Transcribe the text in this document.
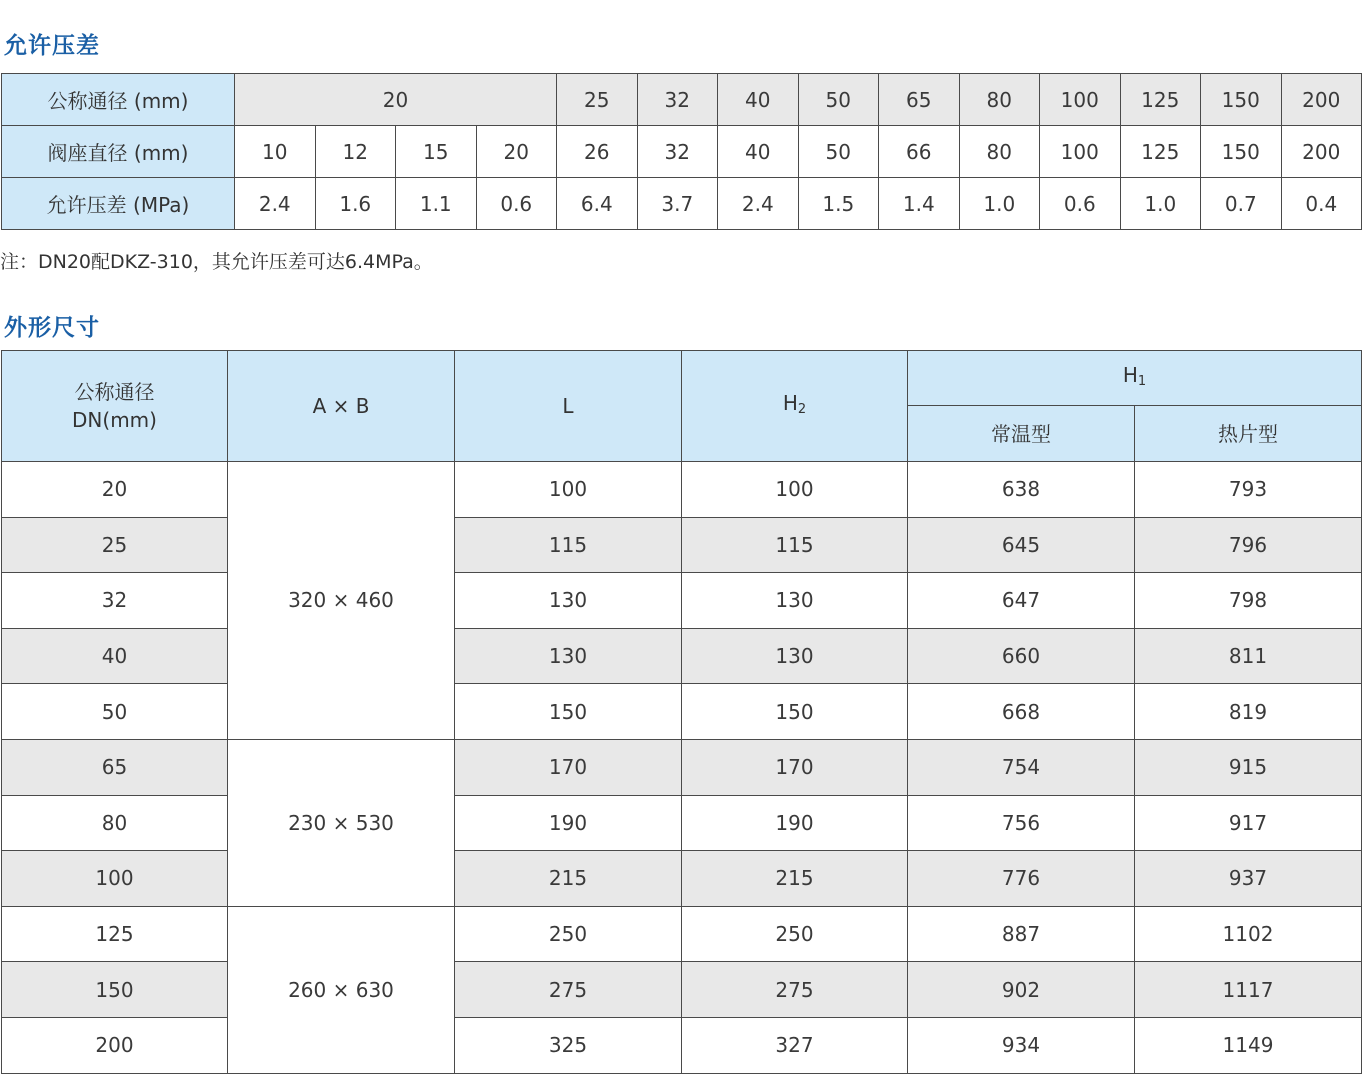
允许压差
公称通径 (mm)	20				25	32	40	50	65	80	100	125	150	200
阀座直径 (mm)	10	12	15	20	26	32	40	50	66	80	100	125	150	200
允许压差 (MPa)	2.4	1.6	1.1	0.6	6.4	3.7	2.4	1.5	1.4	1.0	0.6	1.0	0.7	0.4

注：DN20配DKZ-310，其允许压差可达6.4MPa。

外形尺寸
公称通径
DN(mm)	A × B	L	$H_2$	$H_1$
				常温型	热片型
20	320 × 460	100	100	638	793
25		115	115	645	796
32		130	130	647	798
40		130	130	660	811
50		150	150	668	819
65	230 × 530	170	170	754	915
80		190	190	756	917
100		215	215	776	937
125	260 × 630	250	250	887	1102
150		275	275	902	1117
200		325	327	934	1149
